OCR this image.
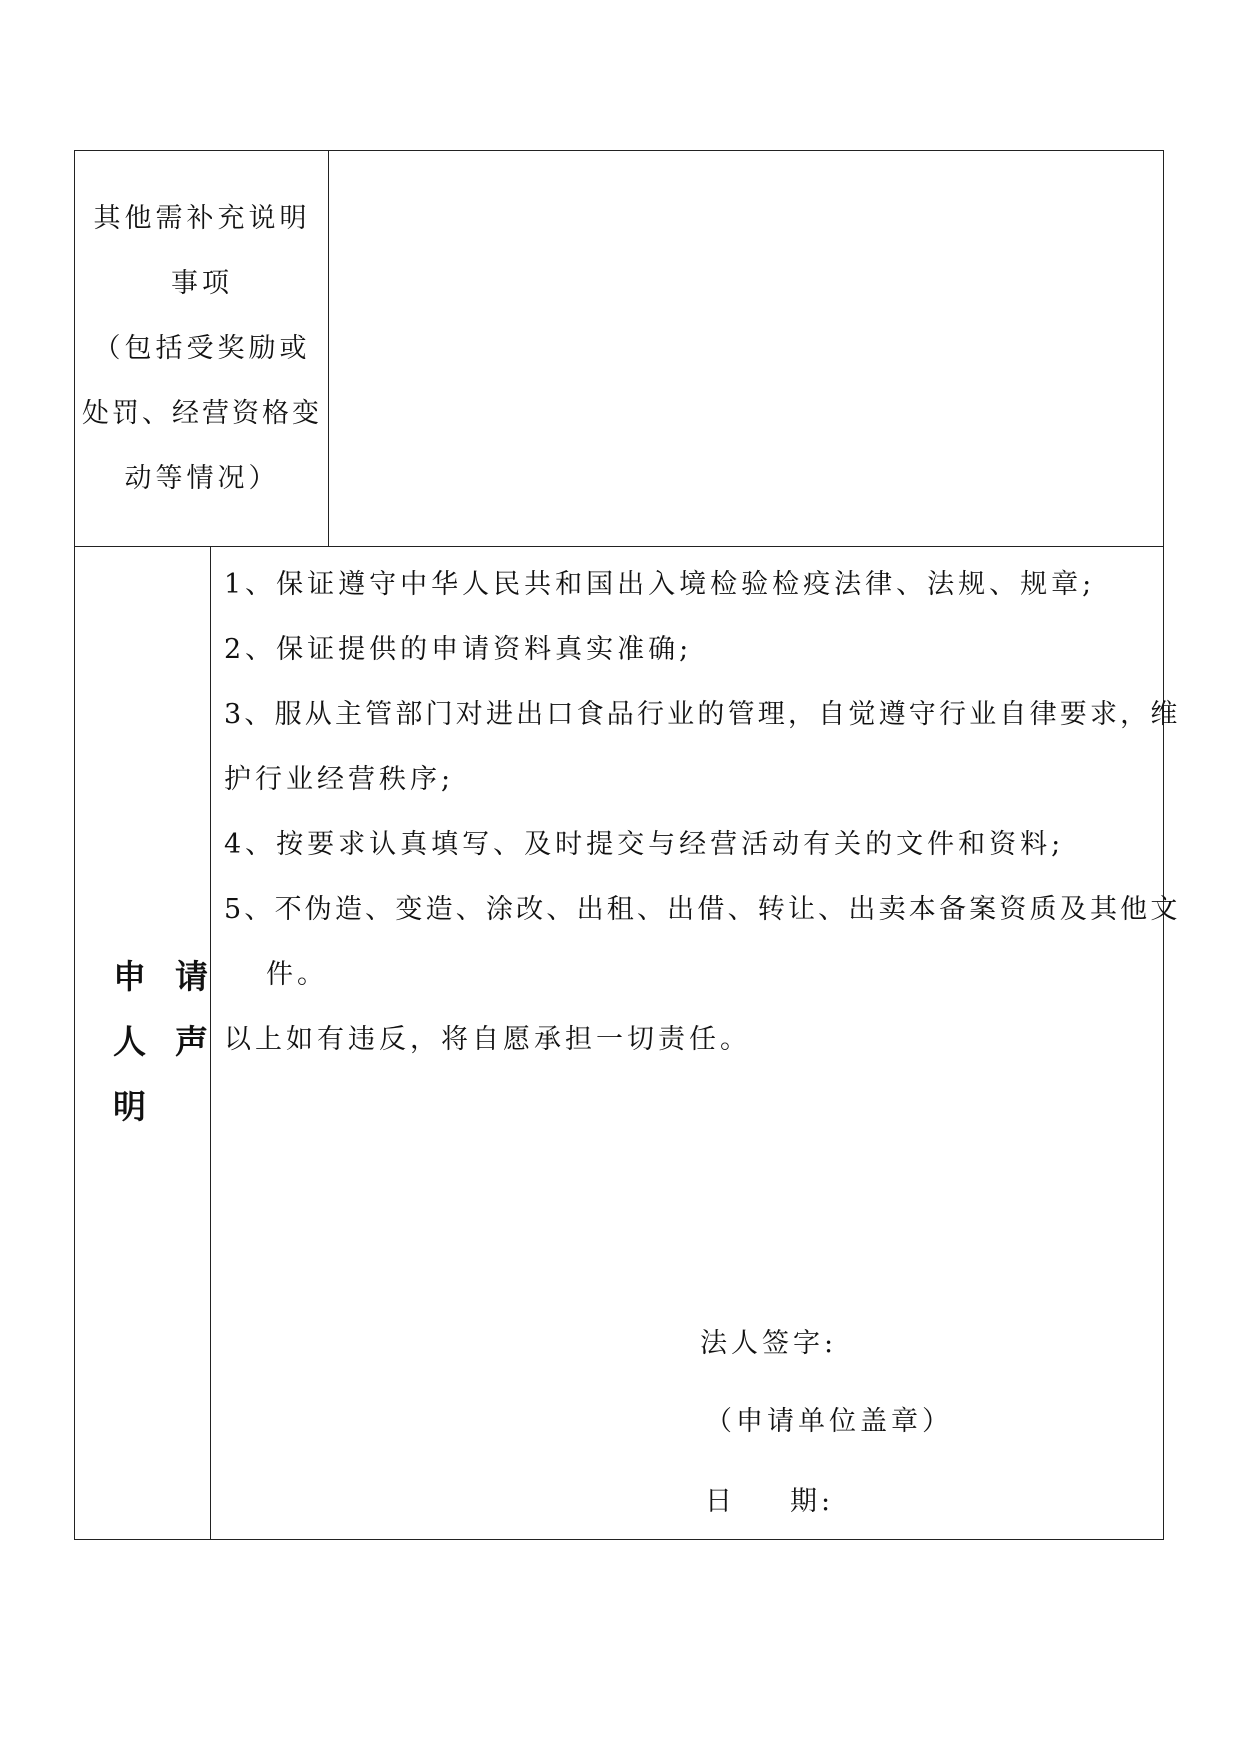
其他需补充说明
事项
（包括受奖励或
处罚、经营资格变
动等情况）
申 请
人 声
明
1、保证遵守中华人民共和国出入境检验检疫法律、法规、规章;
2、保证提供的申请资料真实准确;
3、服从主管部门对进出口食品行业的管理，自觉遵守行业自律要求，维
护行业经营秩序;
4、按要求认真填写、及时提交与经营活动有关的文件和资料;
5、不伪造、变造、涂改、出租、出借、转让、出卖本备案资质及其他文
件。
以上如有违反，将自愿承担一切责任。
法人签字:
（申请单位盖章）
日 期:
